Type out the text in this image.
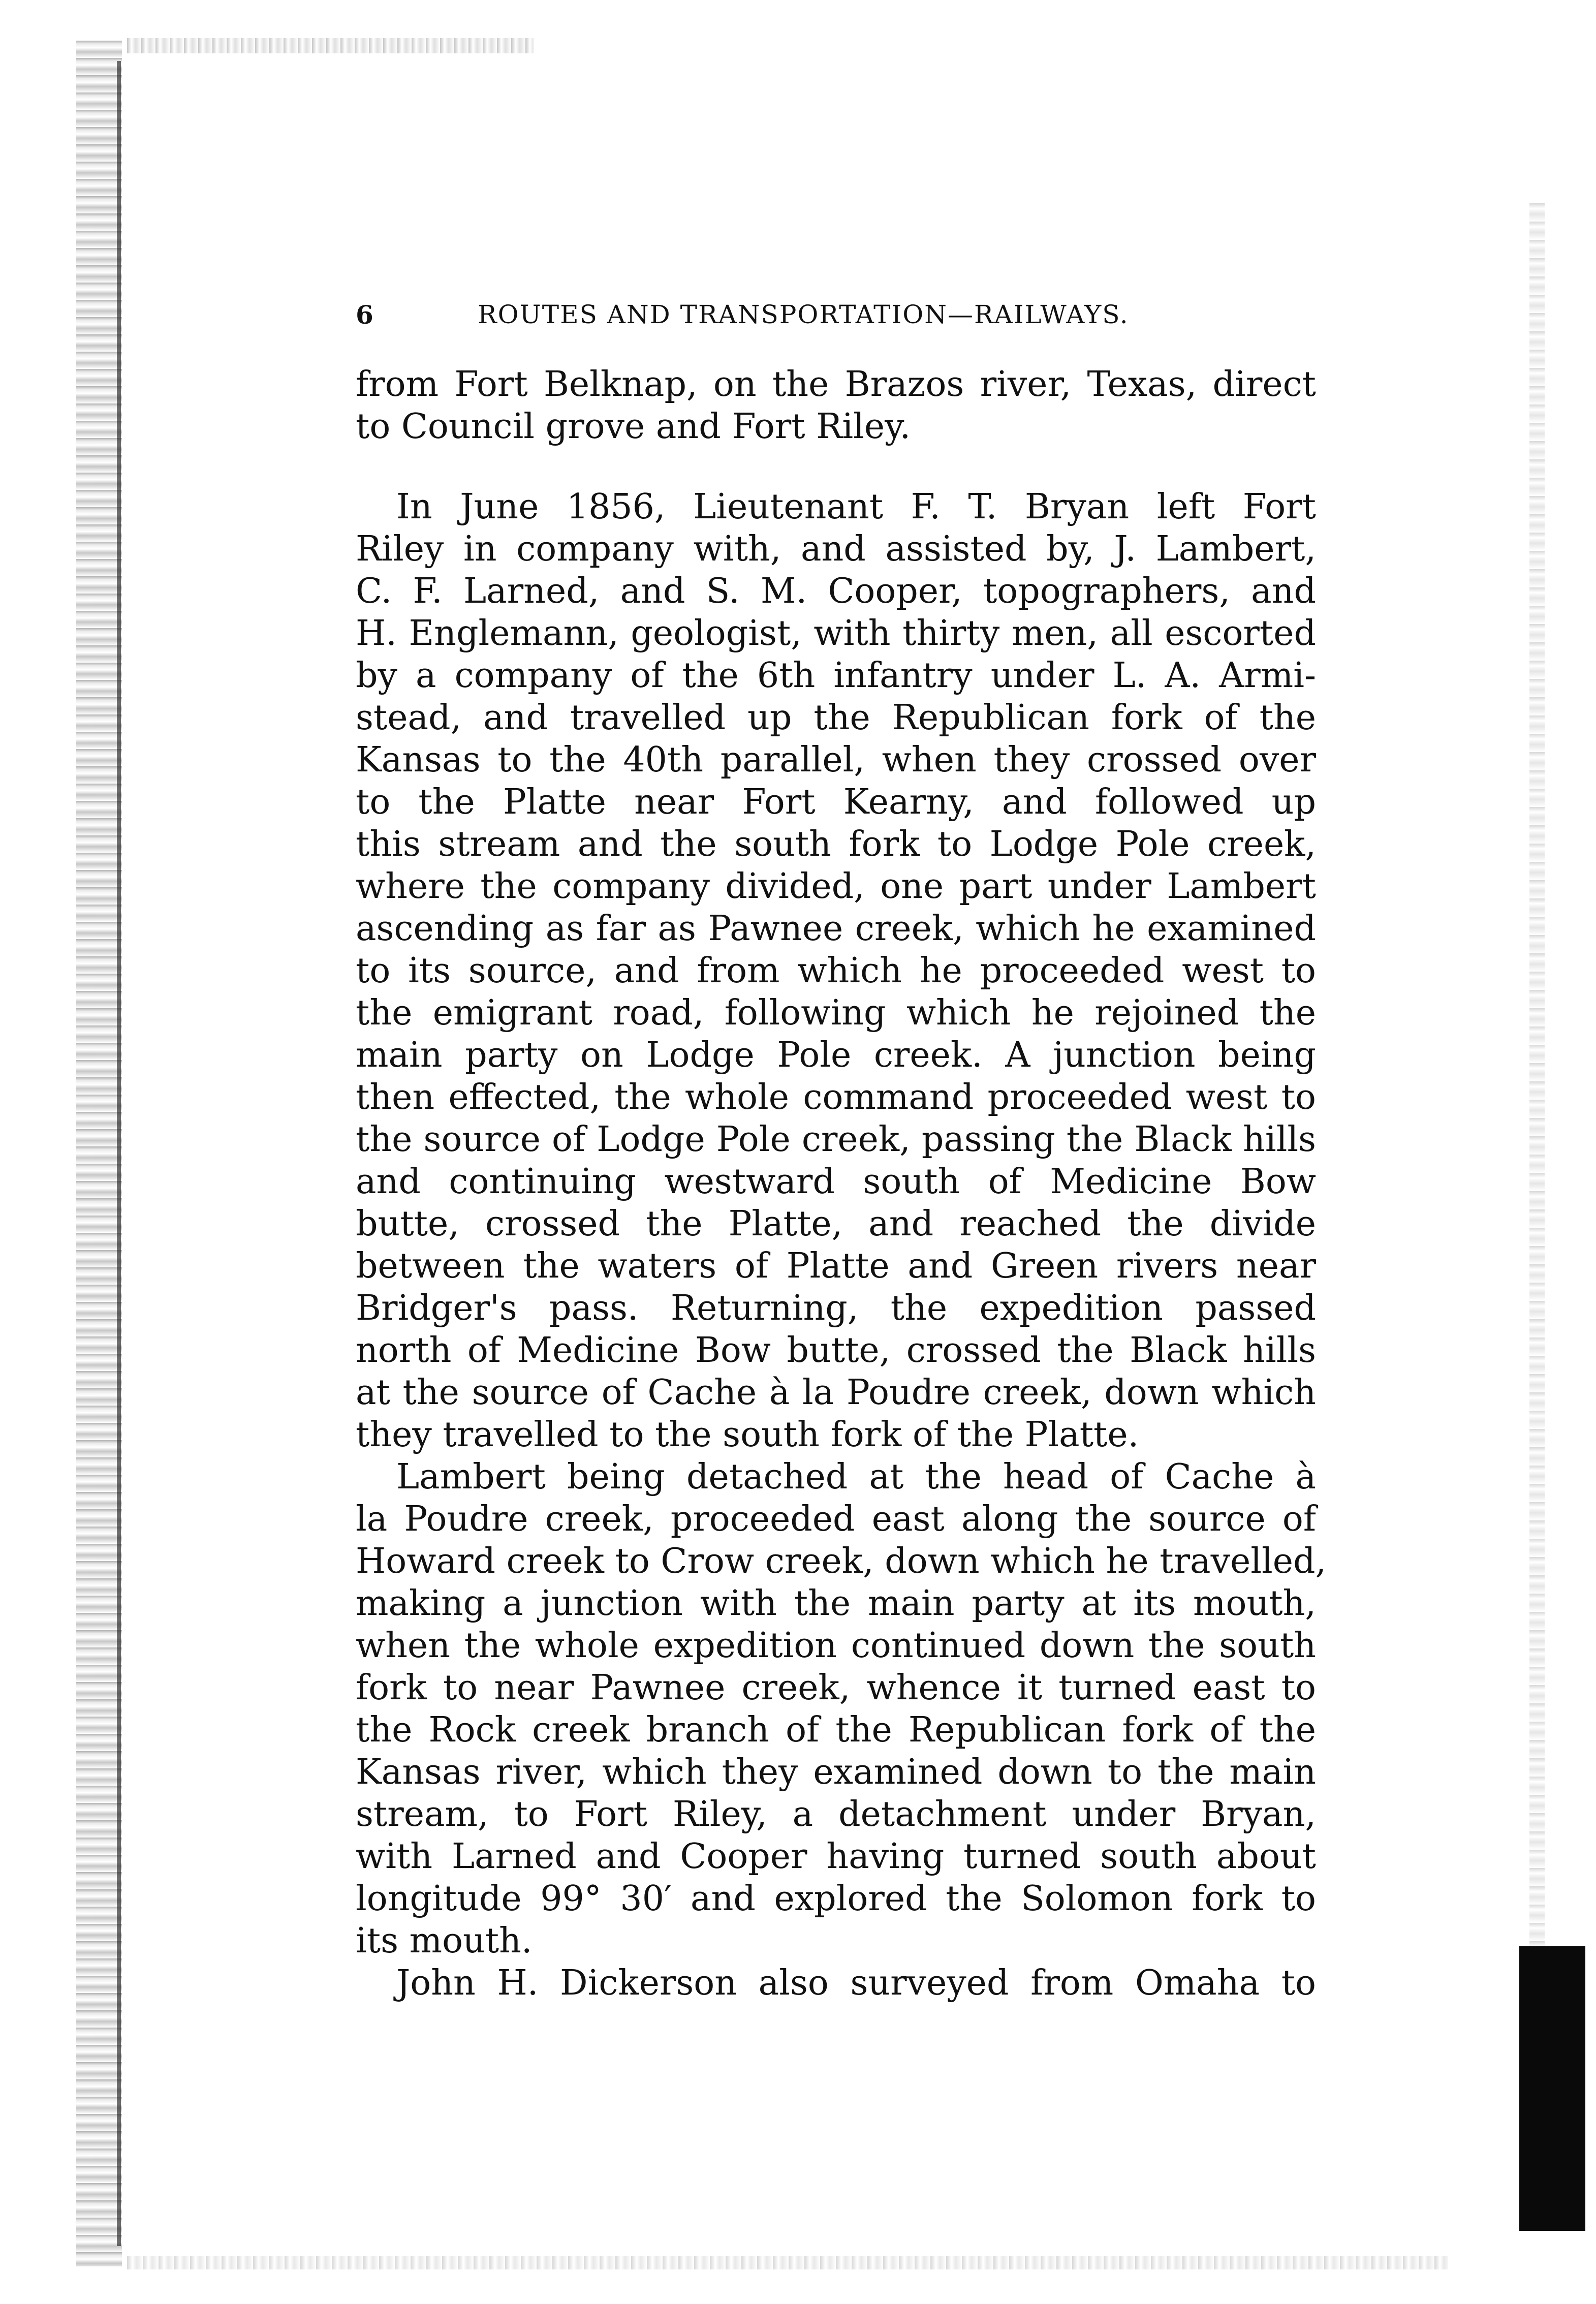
6	ROUTES AND TRANSPORTATION—RAILWAYS.
from Fort Belknap, on the Brazos river, Texas, direct
to Council grove and Fort Riley.
In June 1856, Lieutenant F. T. Bryan left Fort
Riley in company with, and assisted by, J. Lambert,
C. F. Larned, and S. M. Cooper, topographers, and
H. Englemann, geologist, with thirty men, all escorted
by a company of the 6th infantry under L. A. Armi-
stead, and travelled up the Republican fork of the
Kansas to the 40th parallel, when they crossed over
to the Platte near Fort Kearny, and followed up
this stream and the south fork to Lodge Pole creek,
where the company divided, one part under Lambert
ascending as far as Pawnee creek, which he examined
to its source, and from which he proceeded west to
the emigrant road, following which he rejoined the
main party on Lodge Pole creek. A junction being
then effected, the whole command proceeded west to
the source of Lodge Pole creek, passing the Black hills
and continuing westward south of Medicine Bow
butte, crossed the Platte, and reached the divide
between the waters of Platte and Green rivers near
Bridger's pass. Returning, the expedition passed
north of Medicine Bow butte, crossed the Black hills
at the source of Cache à la Poudre creek, down which
they travelled to the south fork of the Platte.
Lambert being detached at the head of Cache à
la Poudre creek, proceeded east along the source of
Howard creek to Crow creek, down which he travelled,
making a junction with the main party at its mouth,
when the whole expedition continued down the south
fork to near Pawnee creek, whence it turned east to
the Rock creek branch of the Republican fork of the
Kansas river, which they examined down to the main
stream, to Fort Riley, a detachment under Bryan,
with Larned and Cooper having turned south about
longitude 99° 30′ and explored the Solomon fork to
its mouth.
John H. Dickerson also surveyed from Omaha to
